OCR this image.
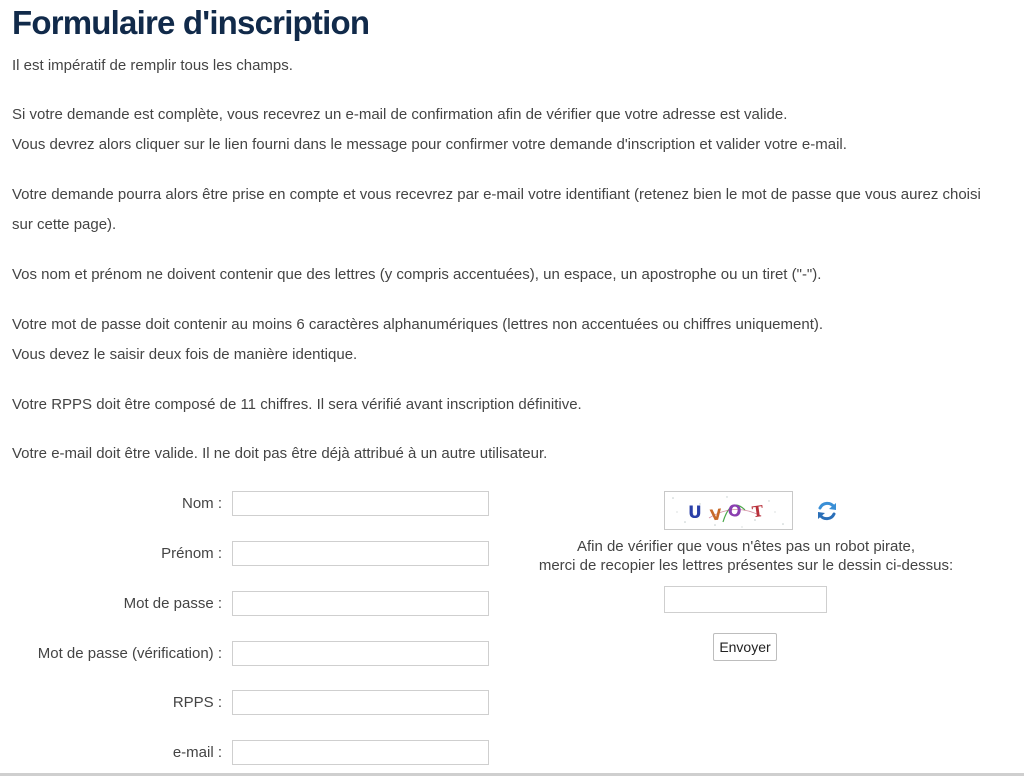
Formulaire d'inscription

Il est impératif de remplir tous les champs.

Si votre demande est complète, vous recevrez un e-mail de confirmation afin de vérifier que votre adresse est valide.

Vous devrez alors cliquer sur le lien fourni dans le message pour confirmer votre demande d'inscription et valider votre e-mail.

Votre demande pourra alors être prise en compte et vous recevrez par e-mail votre identifiant (retenez bien le mot de passe que vous aurez choisi sur cette page).

Vos nom et prénom ne doivent contenir que des lettres (y compris accentuées), un espace, un apostrophe ou un tiret ("-").

Votre mot de passe doit contenir au moins 6 caractères alphanumériques (lettres non accentuées ou chiffres uniquement).

Vous devez le saisir deux fois de manière identique.

Votre RPPS doit être composé de 11 chiffres. Il sera vérifié avant inscription définitive.

Votre e-mail doit être valide. Il ne doit pas être déjà attribué à un autre utilisateur.

Nom :
Prénom :
Mot de passe :
Mot de passe (vérification) :
RPPS :
e-mail :
U V O T
Afin de vérifier que vous n'êtes pas un robot pirate,
merci de recopier les lettres présentes sur le dessin ci-dessus:
Envoyer
